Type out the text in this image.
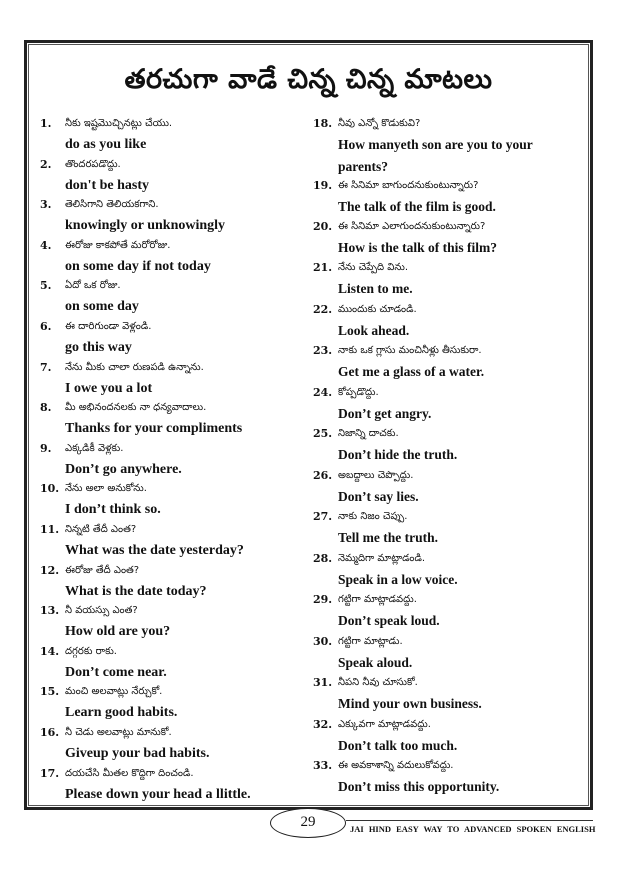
తరచుగా వాడే చిన్న చిన్న మాటలు
1.	నీకు ఇష్టమొచ్చినట్లు చేయు.
do as you like
2.	తొందరపడొద్దు.
don't be hasty
3.	తెలిసిగాని తెలియకగాని.
knowingly or unknowingly
4.	ఈరోజు కాకపోతే మరోరోజు.
on some day if not today
5.	ఏదో ఒక రోజు.
on some day
6.	ఈ దారిగుండా వెళ్లండి.
go this way
7.	నేను మీకు చాలా రుణపడి ఉన్నాను.
I owe you a lot
8.	మీ అభినందనలకు నా ధన్యవాదాలు.
Thanks for your compliments
9.	ఎక్కడికీ వెళ్లకు.
Don’t go anywhere.
10. నేను అలా అనుకోను.
I don’t think so.
11. నిన్నటి తేదీ ఎంత?
What was the date yesterday?
12. ఈరోజు తేదీ ఎంత?
What is the date today?
13. నీ వయస్సు ఎంత?
How old are you?
14. దగ్గరకు రాకు.
Don’t come near.
15. మంచి అలవాట్లు నేర్చుకో.
Learn good habits.
16. నీ చెడు అలవాట్లు మానుకో.
Giveup your bad habits.
17. దయచేసి మీతల కొద్దిగా దించండి.
Please down your head a llittle.
18. నీవు ఎన్నో కొడుకువి?
How manyeth son are you to your
parents?
19. ఈ సినిమా బాగుందనుకుంటున్నారు?
The talk of the film is good.
20. ఈ సినిమా ఎలాగుందనుకుంటున్నారు?
How is the talk of this film?
21. నేను చెప్పేది విను.
Listen to me.
22. ముందుకు చూడండి.
Look ahead.
23. నాకు ఒక గ్లాసు మంచినీళ్లు తీసుకురా.
Get me a glass of a water.
24. కోప్పడొద్దు.
Don’t get angry.
25. నిజాన్ని దాచకు.
Don’t hide the truth.
26. అబద్దాలు చెప్పొద్దు.
Don’t say lies.
27. నాకు నిజం చెప్పు.
Tell me the truth.
28. నెమ్మదిగా మాట్లాడండి.
Speak in a low voice.
29. గట్టిగా మాట్లాడవద్దు.
Don’t speak loud.
30. గట్టిగా మాట్లాడు.
Speak aloud.
31. నీపని నీవు చూసుకో.
Mind your own business.
32. ఎక్కువగా మాట్లాడవద్దు.
Don’t talk too much.
33. ఈ అవకాశాన్ని వదులుకోవద్దు.
Don’t miss this opportunity.
29	JAI HIND EASY WAY TO ADVANCED SPOKEN ENGLISH
